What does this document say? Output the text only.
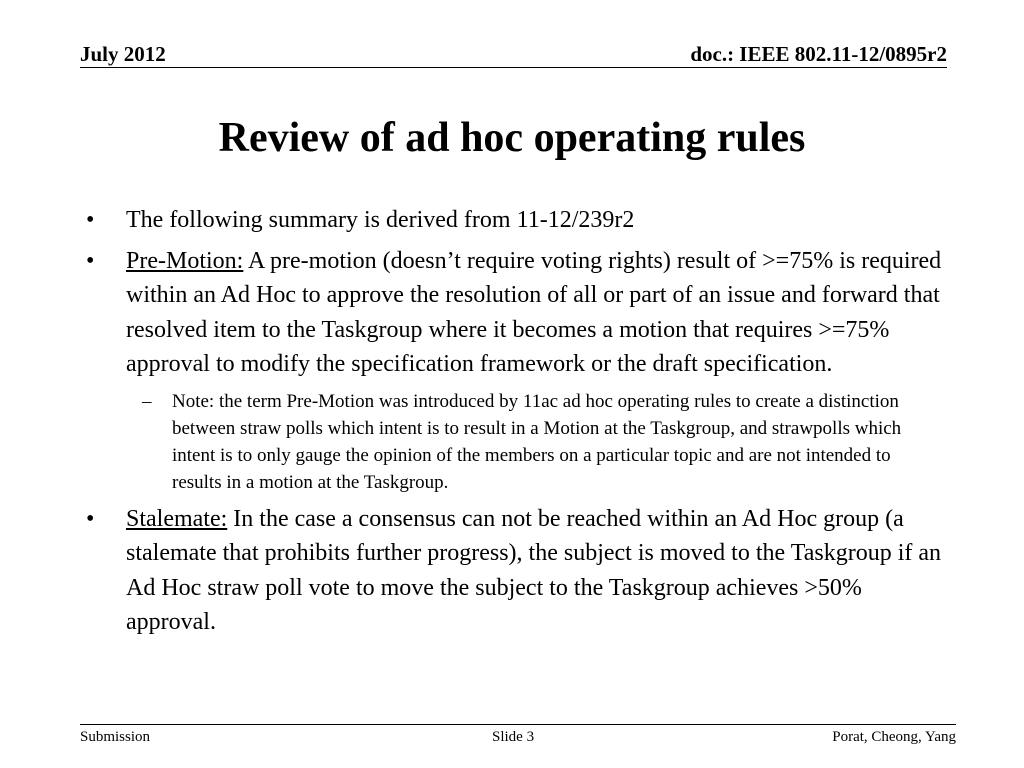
July 2012	doc.: IEEE 802.11-12/0895r2
Review of ad hoc operating rules
•	The following summary is derived from 11-12/239r2
•	Pre-Motion: A pre-motion (doesn’t require voting rights) result of >=75% is required within an Ad Hoc to approve the resolution of all or part of an issue and forward that resolved item to the Taskgroup where it becomes a motion that requires >=75% approval to modify the specification framework or the draft specification.
– Note: the term Pre-Motion was introduced by 11ac ad hoc operating rules to create a distinction between straw polls which intent is to result in a Motion at the Taskgroup, and strawpolls which intent is to only gauge the opinion of the members on a particular topic and are not intended to results in a motion at the Taskgroup.
•	Stalemate: In the case a consensus can not be reached within an Ad Hoc group (a stalemate that prohibits further progress), the subject is moved to the Taskgroup if an Ad Hoc straw poll vote to move the subject to the Taskgroup achieves >50% approval.
Submission	Slide 3	Porat, Cheong, Yang
